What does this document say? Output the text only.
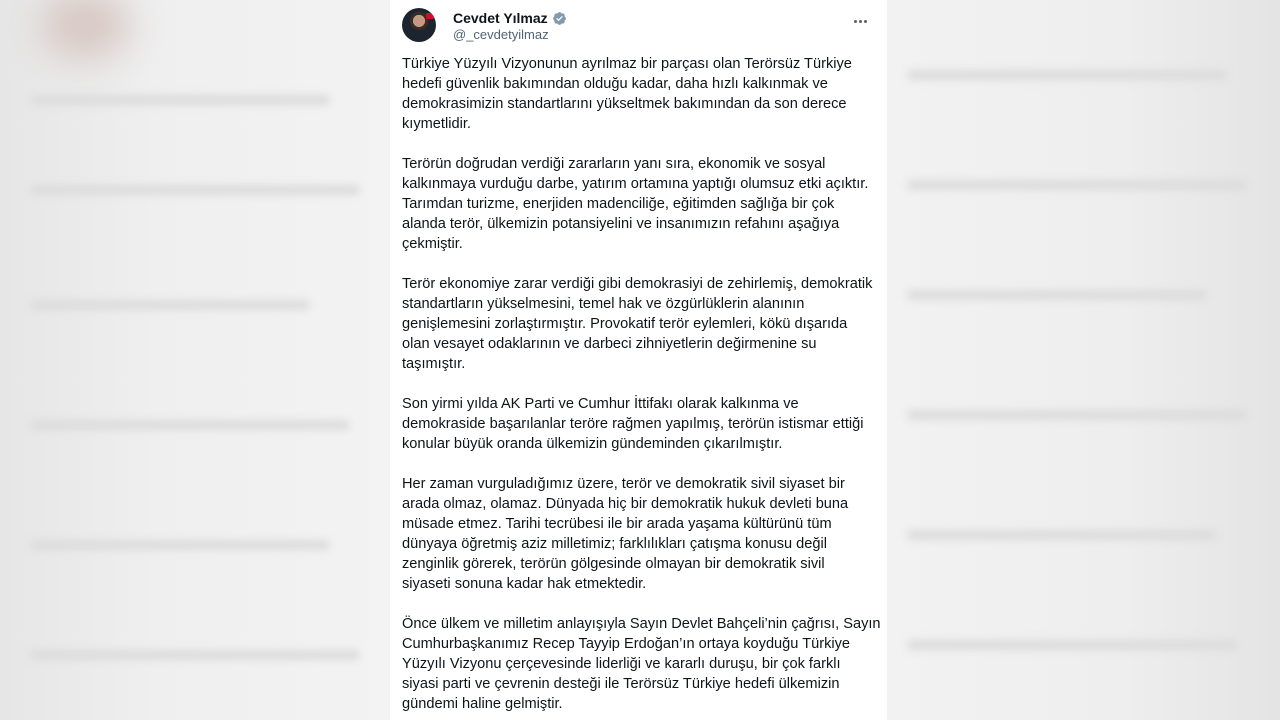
Cevdet Yılmaz
@_cevdetyilmaz

Türkiye Yüzyılı Vizyonunun ayrılmaz bir parçası olan Terörsüz Türkiye
hedefi güvenlik bakımından olduğu kadar, daha hızlı kalkınmak ve
demokrasimizin standartlarını yükseltmek bakımından da son derece
kıymetlidir.

Terörün doğrudan verdiği zararların yanı sıra, ekonomik ve sosyal
kalkınmaya vurduğu darbe, yatırım ortamına yaptığı olumsuz etki açıktır.
Tarımdan turizme, enerjiden madenciliğe, eğitimden sağlığa bir çok
alanda terör, ülkemizin potansiyelini ve insanımızın refahını aşağıya
çekmiştir.

Terör ekonomiye zarar verdiği gibi demokrasiyi de zehirlemiş, demokratik
standartların yükselmesini, temel hak ve özgürlüklerin alanının
genişlemesini zorlaştırmıştır. Provokatif terör eylemleri, kökü dışarıda
olan vesayet odaklarının ve darbeci zihniyetlerin değirmenine su
taşımıştır.

Son yirmi yılda AK Parti ve Cumhur İttifakı olarak kalkınma ve
demokraside başarılanlar teröre rağmen yapılmış, terörün istismar ettiği
konular büyük oranda ülkemizin gündeminden çıkarılmıştır.

Her zaman vurguladığımız üzere, terör ve demokratik sivil siyaset bir
arada olmaz, olamaz. Dünyada hiç bir demokratik hukuk devleti buna
müsade etmez. Tarihi tecrübesi ile bir arada yaşama kültürünü tüm
dünyaya öğretmiş aziz milletimiz; farklılıkları çatışma konusu değil
zenginlik görerek, terörün gölgesinde olmayan bir demokratik sivil
siyaseti sonuna kadar hak etmektedir.

Önce ülkem ve milletim anlayışıyla Sayın Devlet Bahçeli’nin çağrısı, Sayın
Cumhurbaşkanımız Recep Tayyip Erdoğan’ın ortaya koyduğu Türkiye
Yüzyılı Vizyonu çerçevesinde liderliği ve kararlı duruşu, bir çok farklı
siyasi parti ve çevrenin desteği ile Terörsüz Türkiye hedefi ülkemizin
gündemi haline gelmiştir.
